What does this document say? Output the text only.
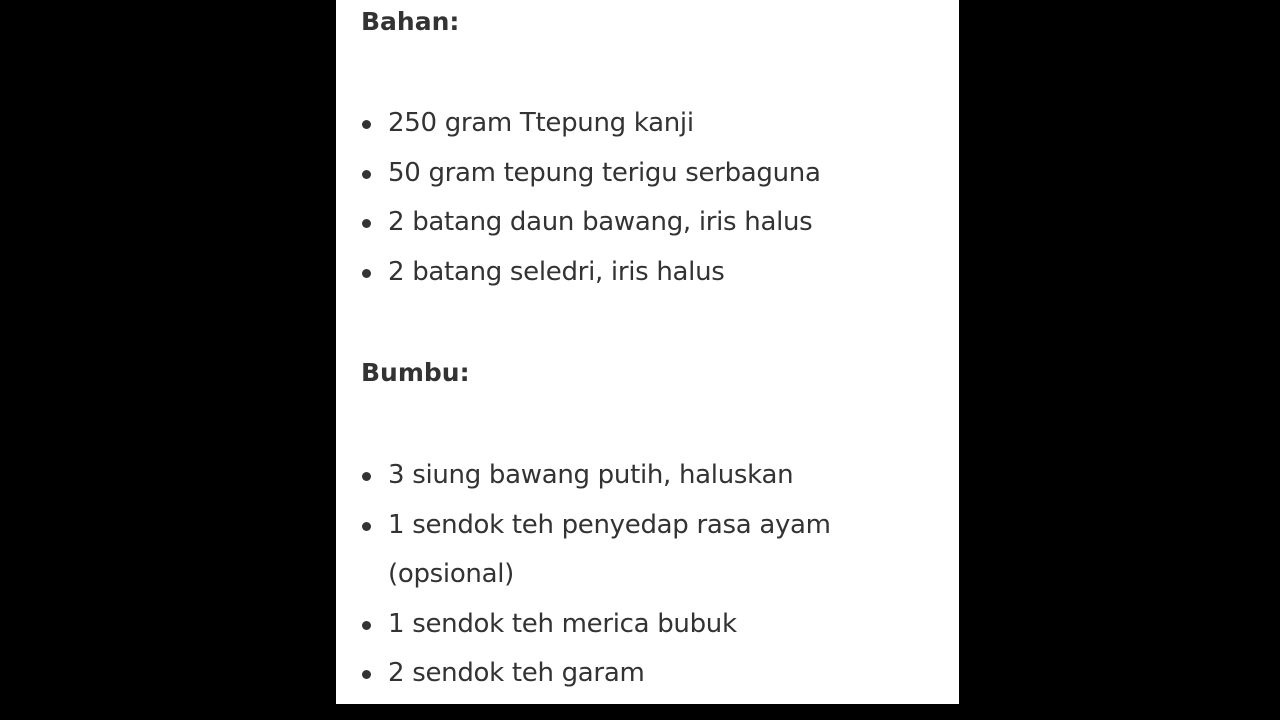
Bahan:
250 gram Ttepung kanji
50 gram tepung terigu serbaguna
2 batang daun bawang, iris halus
2 batang seledri, iris halus
Bumbu:
3 siung bawang putih, haluskan
1 sendok teh penyedap rasa ayam (opsional)
1 sendok teh merica bubuk
2 sendok teh garam
